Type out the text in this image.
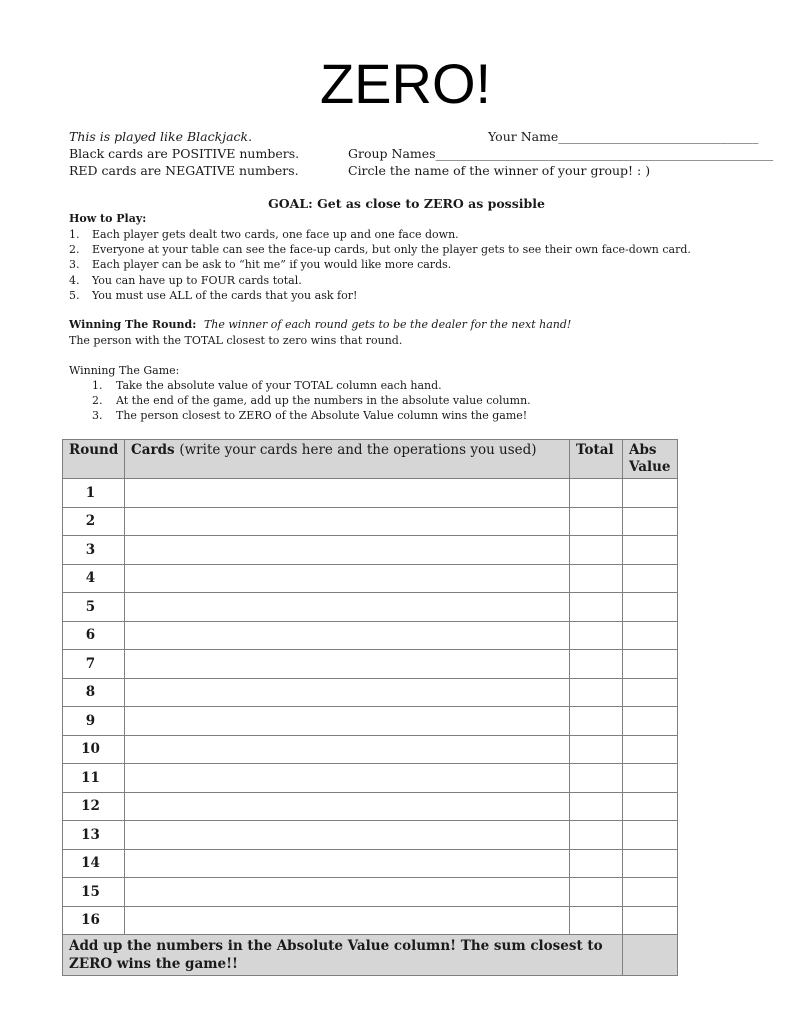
ZERO!
This is played like Blackjack.
Black cards are POSITIVE numbers.
RED cards are NEGATIVE numbers.
Your Name________________________________
Group Names______________________________________________________
Circle the name of the winner of your group! : )
GOAL: Get as close to ZERO as possible
How to Play:
1. Each player gets dealt two cards, one face up and one face down.
2. Everyone at your table can see the face-up cards, but only the player gets to see their own face-down card.
3. Each player can be ask to “hit me” if you would like more cards.
4. You can have up to FOUR cards total.
5. You must use ALL of the cards that you ask for!
Winning The Round: The winner of each round gets to be the dealer for the next hand!
The person with the TOTAL closest to zero wins that round.
Winning The Game:
1. Take the absolute value of your TOTAL column each hand.
2. At the end of the game, add up the numbers in the absolute value column.
3. The person closest to ZERO of the Absolute Value column wins the game!
Round	Cards (write your cards here and the operations you used)	Total	Abs Value
1			
2			
3			
4			
5			
6			
7			
8			
9			
10			
11			
12			
13			
14			
15			
16			
Add up the numbers in the Absolute Value column! The sum closest to ZERO wins the game!!			
